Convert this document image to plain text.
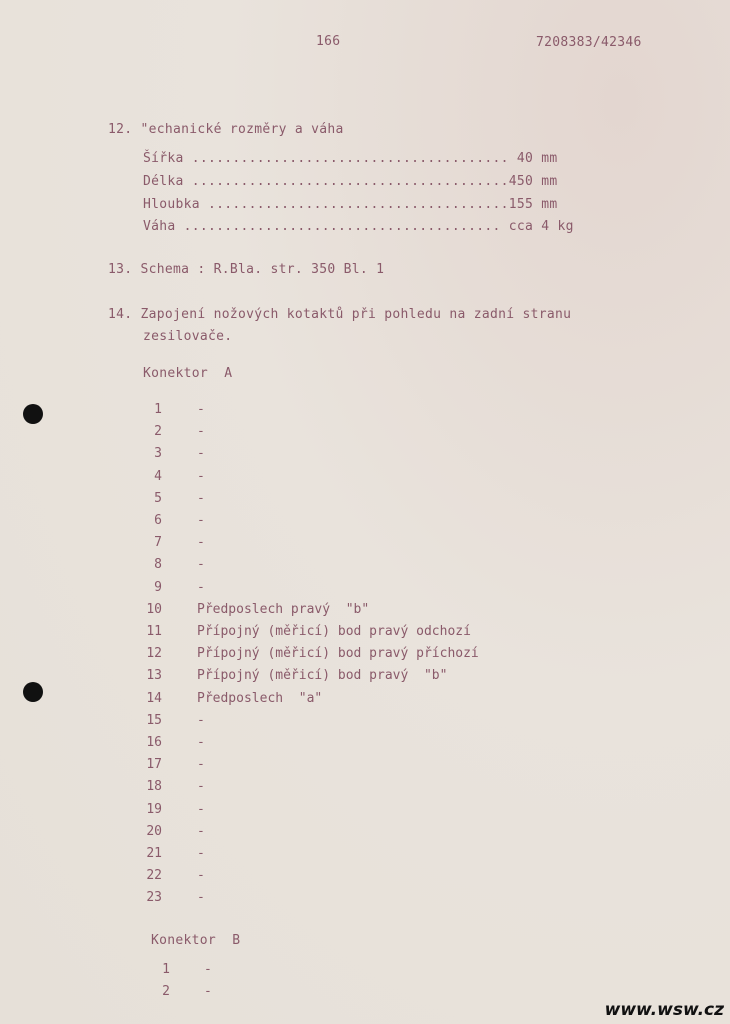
166	7208383/42346
12. "echanické rozměry a váha
Šířka ....................................... 40 mm
Délka .......................................450 mm
Hloubka .....................................155 mm
Váha ....................................... cca 4 kg
13. Schema : R.Bla. str. 350 Bl. 1
14. Zapojení nožových kotaktů při pohledu na zadní stranu
zesilovače.
Konektor  A
1	-
2	-
3	-
4	-
5	-
6	-
7	-
8	-
9	-
10	Předposlech pravý  "b"
11	Přípojný (měřicí) bod pravý odchozí
12	Přípojný (měřicí) bod pravý příchozí
13	Přípojný (měřicí) bod pravý  "b"
14	Předposlech  "a"
15	-
16	-
17	-
18	-
19	-
20	-
21	-
22	-
23	-
Konektor  B
1	-
2	-
www.wsw.cz
